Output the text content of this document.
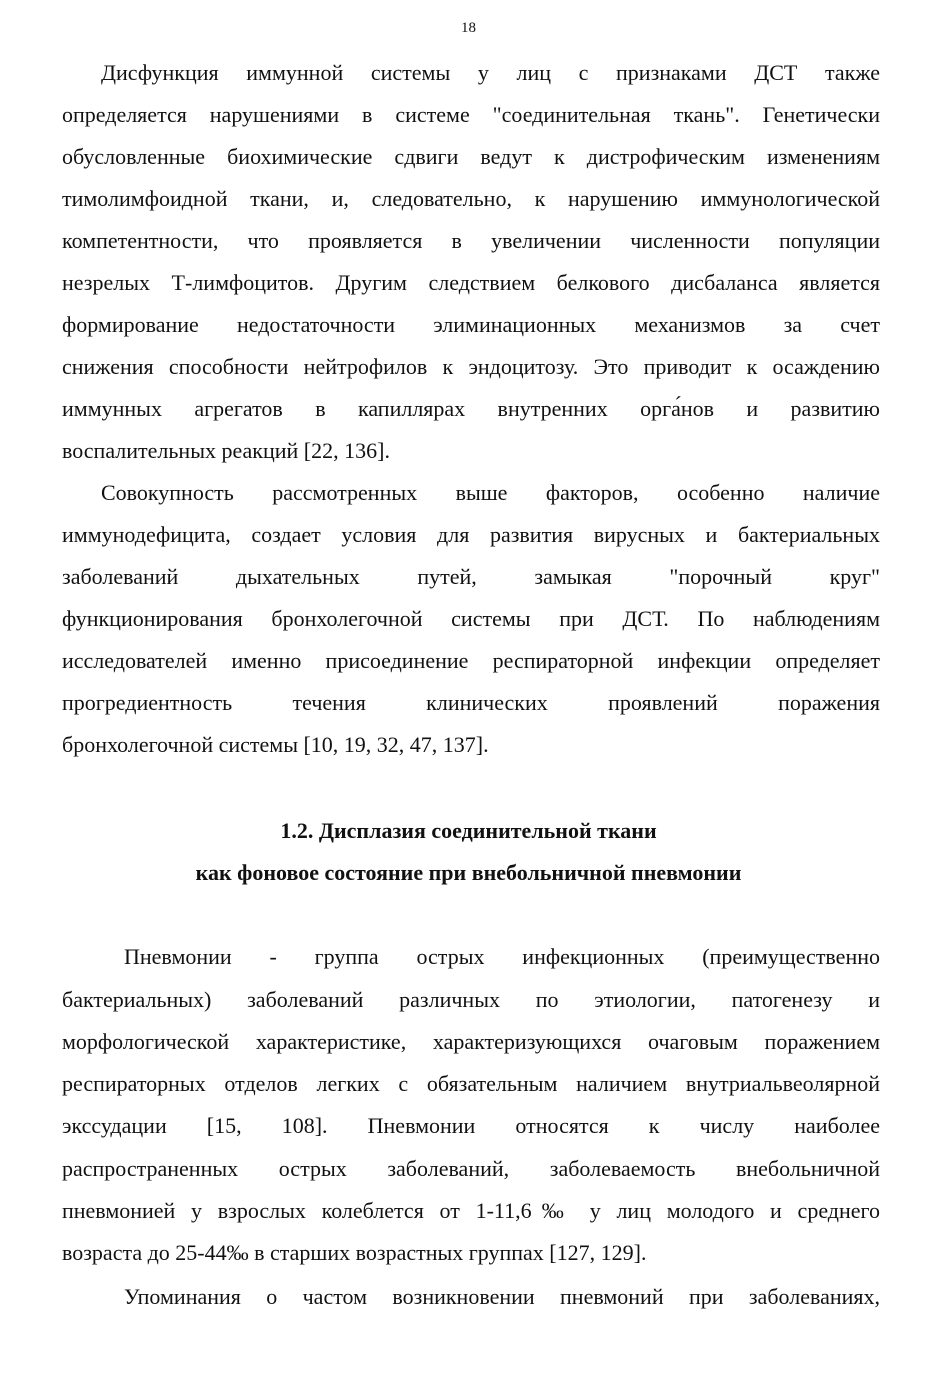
18
Дисфункция иммунной системы у лиц с признаками ДСТ также
определяется нарушениями в системе "соединительная ткань". Генетически
обусловленные биохимические сдвиги ведут к дистрофическим изменениям
тимолимфоидной ткани, и, следовательно, к нарушению иммунологической
компетентности, что проявляется в увеличении численности популяции
незрелых Т-лимфоцитов. Другим следствием белкового дисбаланса является
формирование недостаточности элиминационных механизмов за счет
снижения способности нейтрофилов к эндоцитозу. Это приводит к осаждению
иммунных агрегатов в капиллярах внутренних орга́нов и развитию
воспалительных реакций [22, 136].
Совокупность рассмотренных выше факторов, особенно наличие
иммунодефицита, создает условия для развития вирусных и бактериальных
заболеваний дыхательных путей, замыкая "порочный круг"
функционирования бронхолегочной системы при ДСТ. По наблюдениям
исследователей именно присоединение респираторной инфекции определяет
прогредиентность течения клинических проявлений поражения
бронхолегочной системы [10, 19, 32, 47, 137].
1.2. Дисплазия соединительной ткани
как фоновое состояние при внебольничной пневмонии
Пневмонии - группа острых инфекционных (преимущественно
бактериальных) заболеваний различных по этиологии, патогенезу и
морфологической характеристике, характеризующихся очаговым поражением
респираторных отделов легких с обязательным наличием внутриальвеолярной
экссудации [15, 108]. Пневмонии относятся к числу наиболее
распространенных острых заболеваний, заболеваемость внебольничной
пневмонией у взрослых колеблется от 1-11,6‰ у лиц молодого и среднего
возраста до 25-44‰ в старших возрастных группах [127, 129].
Упоминания о частом возникновении пневмоний при заболеваниях,
